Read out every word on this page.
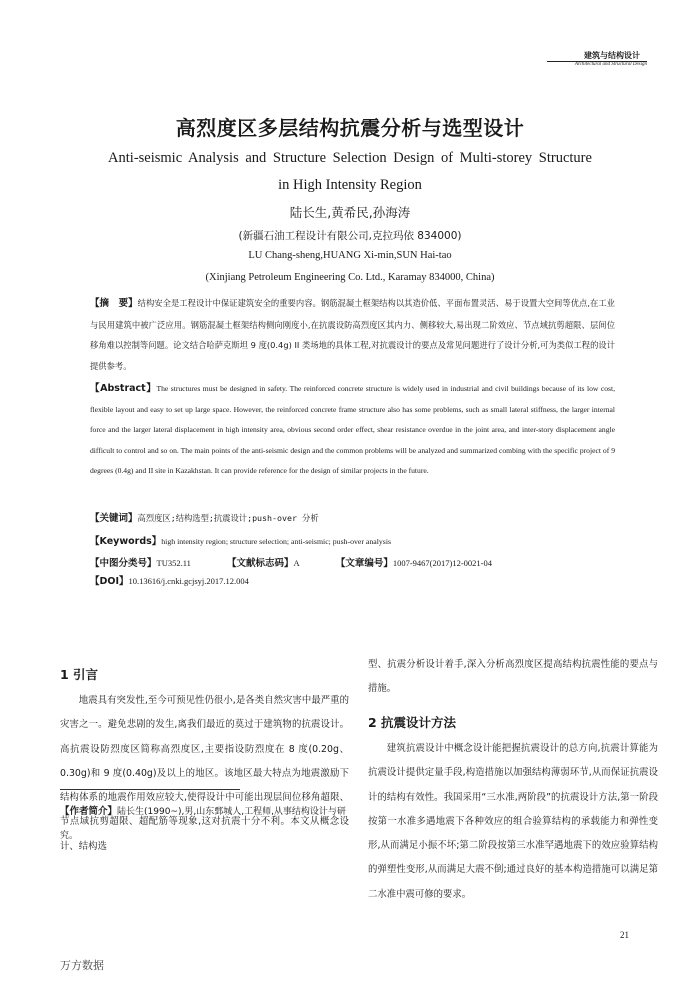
建筑与结构设计
Architectural and Structural Design
高烈度区多层结构抗震分析与选型设计
Anti-seismic Analysis and Structure Selection Design of Multi-storey Structure
in High Intensity Region
陆长生,黄希民,孙海涛
(新疆石油工程设计有限公司,克拉玛依 834000)
LU Chang-sheng,HUANG Xi-min,SUN Hai-tao
(Xinjiang Petroleum Engineering Co. Ltd., Karamay 834000, China)
【摘　要】结构安全是工程设计中保证建筑安全的重要内容。钢筋混凝土框架结构以其造价低、平面布置灵活、易于设置大空间等优点,在工业与民用建筑中被广泛应用。钢筋混凝土框架结构侧向刚度小,在抗震设防高烈度区其内力、侧移较大,易出现二阶效应、节点域抗剪超限、层间位移角难以控制等问题。论文结合哈萨克斯坦 9 度(0.4g) II 类场地的具体工程,对抗震设计的要点及常见问题进行了设计分析,可为类似工程的设计提供参考。
【Abstract】The structures must be designed in safety. The reinforced concrete structure is widely used in industrial and civil buildings because of its low cost, flexible layout and easy to set up large space. However, the reinforced concrete frame structure also has some problems, such as small lateral stiffness, the larger internal force and the larger lateral displacement in high intensity area, obvious second order effect, shear resistance overdue in the joint area, and inter-story displacement angle difficult to control and so on. The main points of the anti-seismic design and the common problems will be analyzed and summarized combing with the specific project of 9 degrees (0.4g) and II site in Kazakhstan. It can provide reference for the design of similar projects in the future.
【关键词】高烈度区;结构选型;抗震设计;push-over 分析
【Keywords】high intensity region; structure selection; anti-seismic; push-over analysis
【中图分类号】TU352.11	【文献标志码】A	【文章编号】1007-9467(2017)12-0021-04
【DOI】10.13616/j.cnki.gcjsyj.2017.12.004
1 引言

地震具有突发性,至今可预见性仍很小,是各类自然灾害中最严重的灾害之一。避免悲剧的发生,离我们最近的莫过于建筑物的抗震设计。高抗震设防烈度区简称高烈度区,主要指设防烈度在 8 度(0.20g、0.30g)和 9 度(0.40g)及以上的地区。该地区最大特点为地震激励下结构体系的地震作用效应较大,使得设计中可能出现层间位移角超限、节点域抗剪超限、超配筋等现象,这对抗震十分不利。本文从概念设计、结构选

型、抗震分析设计着手,深入分析高烈度区提高结构抗震性能的要点与措施。

2 抗震设计方法

建筑抗震设计中概念设计能把握抗震设计的总方向,抗震计算能为抗震设计提供定量手段,构造措施以加强结构薄弱环节,从而保证抗震设计的结构有效性。我国采用“三水准,两阶段”的抗震设计方法,第一阶段按第一水准多遇地震下各种效应的组合验算结构的承载能力和弹性变形,从而满足小振不坏;第二阶段按第三水准罕遇地震下的效应验算结构的弹塑性变形,从而满足大震不倒;通过良好的基本构造措施可以满足第二水准中震可修的要求。

【作者简介】陆长生(1990~),男,山东鄄城人,工程师,从事结构设计与研究。
21
万方数据
